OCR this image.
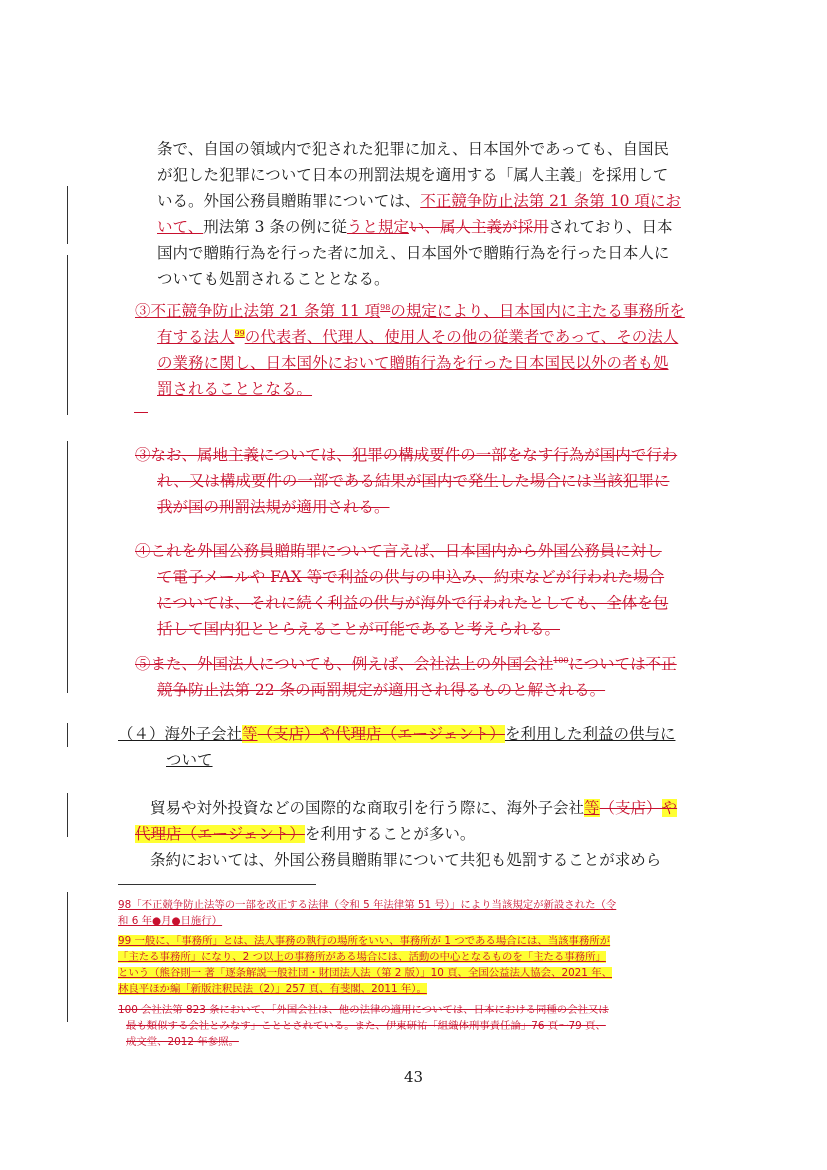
条で、自国の領域内で犯された犯罪に加え、日本国外であっても、自国民
が犯した犯罪について日本の刑罰法規を適用する「属人主義」を採用して
いる。外国公務員贈賄罪については、不正競争防止法第 21 条第 10 項にお
いて、刑法第 3 条の例に従うと規定い、属人主義が採用されており、日本
国内で贈賄行為を行った者に加え、日本国外で贈賄行為を行った日本人に
ついても処罰されることとなる。
③不正競争防止法第 21 条第 11 項$^{98}$の規定により、日本国内に主たる事務所を
有する法人$^{99}$の代表者、代理人、使用人その他の従業者であって、その法人
の業務に関し、日本国外において贈賄行為を行った日本国民以外の者も処
罰されることとなる。
③なお、属地主義については、犯罪の構成要件の一部をなす行為が国内で行わ
れ、又は構成要件の一部である結果が国内で発生した場合には当該犯罪に
我が国の刑罰法規が適用される。
④これを外国公務員贈賄罪について言えば、日本国内から外国公務員に対し
て電子メールや FAX 等で利益の供与の申込み、約束などが行われた場合
については、それに続く利益の供与が海外で行われたとしても、全体を包
括して国内犯ととらえることが可能であると考えられる。
⑤また、外国法人についても、例えば、会社法上の外国会社$^{100}$については不正
競争防止法第 22 条の両罰規定が適用され得るものと解される。
（４）海外子会社等（支店）や代理店（エージェント）を利用した利益の供与に
ついて
貿易や対外投資などの国際的な商取引を行う際に、海外子会社等（支店）や
代理店（エージェント）を利用することが多い。
条約においては、外国公務員贈賄罪について共犯も処罰することが求めら
98「不正競争防止法等の一部を改正する法律（令和 5 年法律第 51 号）」により当該規定が新設された（令
和 6 年●月●日施行）
99 一般に、「事務所」とは、法人事務の執行の場所をいい、事務所が 1 つである場合には、当該事務所が
「主たる事務所」になり、2 つ以上の事務所がある場合には、活動の中心となるものを「主たる事務所」
という（熊谷則一 著「逐条解説一般社団・財団法人法（第 2 版）」10 頁、全国公益法人協会、2021 年、
林良平ほか編「新版注釈民法（2）」257 頁、有斐閣、2011 年）。
100 会社法第 823 条において、「外国会社は、他の法律の適用については、日本における同種の会社又は
最も類似する会社とみなす」こととされている。また、伊東研祐「組織体刑事責任論」76 頁〜79 頁、
成文堂、2012 年参照。
43
